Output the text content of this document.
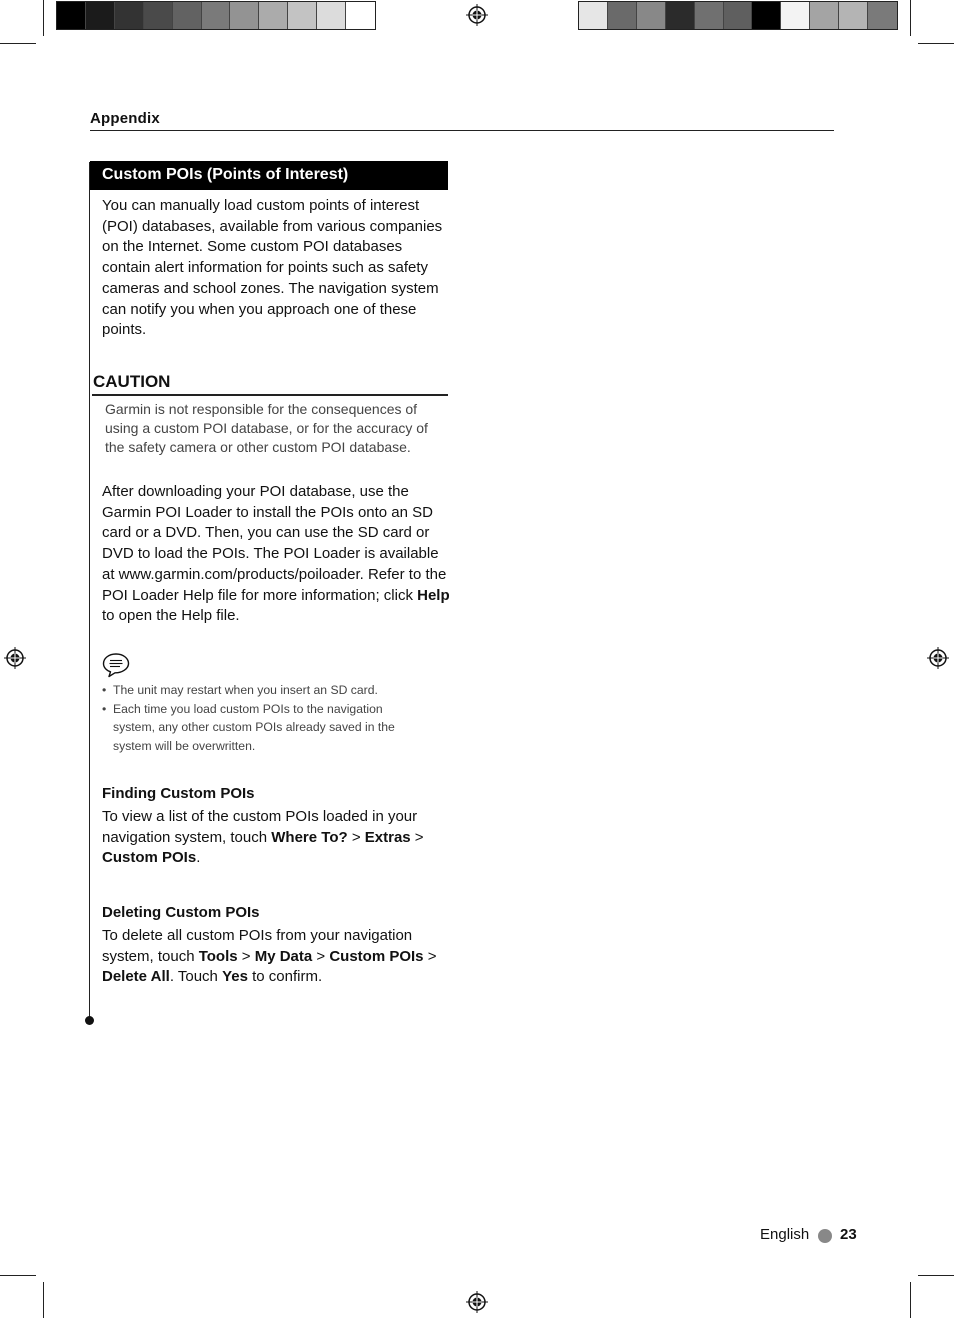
Appendix
Custom POIs (Points of Interest)
You can manually load custom points of interest (POI) databases, available from various companies on the Internet. Some custom POI databases contain alert information for points such as safety cameras and school zones. The navigation system can notify you when you approach one of these points.
CAUTION
Garmin is not responsible for the consequences of using a custom POI database, or for the accuracy of the safety camera or other custom POI database.
After downloading your POI database, use the Garmin POI Loader to install the POIs onto an SD card or a DVD. Then, you can use the SD card or DVD to load the POIs. The POI Loader is available at www.garmin.com/products/poiloader. Refer to the POI Loader Help file for more information; click Help to open the Help file.
• The unit may restart when you insert an SD card.
• Each time you load custom POIs to the navigation system, any other custom POIs already saved in the system will be overwritten.
Finding Custom POIs
To view a list of the custom POIs loaded in your navigation system, touch Where To? > Extras > Custom POIs.
Deleting Custom POIs
To delete all custom POIs from your navigation system, touch Tools > My Data > Custom POIs > Delete All. Touch Yes to confirm.
English 23
